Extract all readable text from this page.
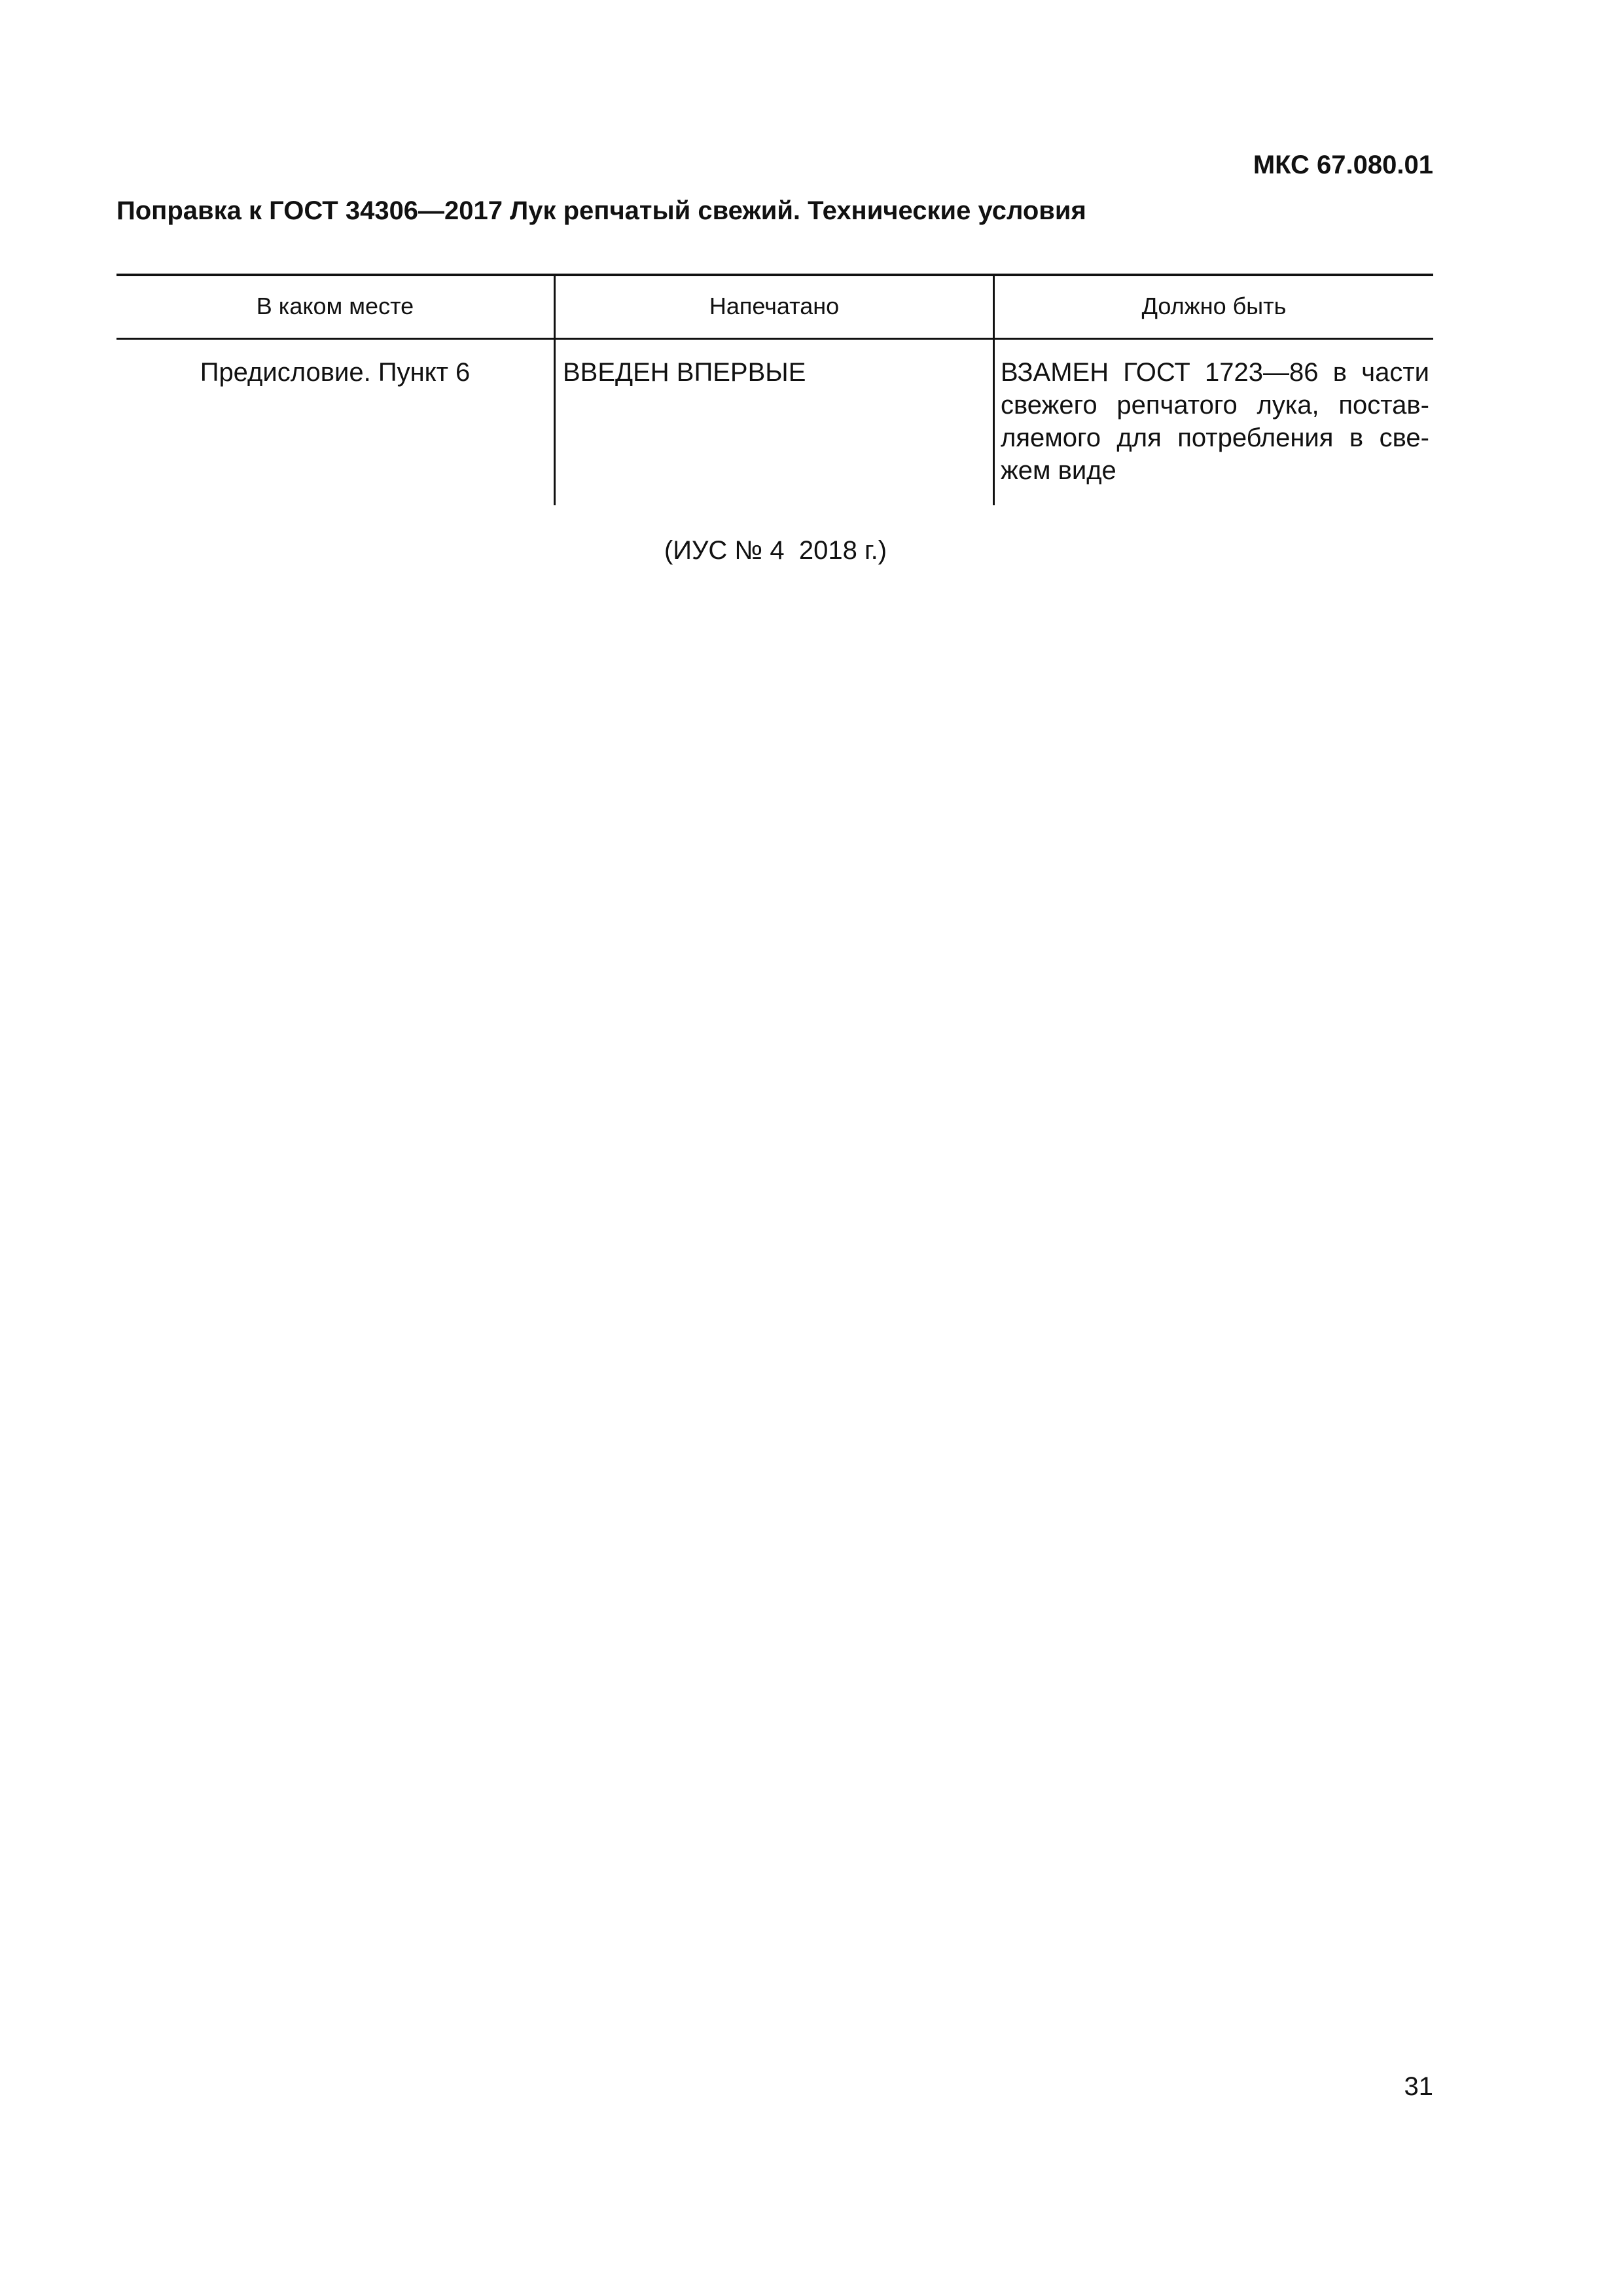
МКС 67.080.01
Поправка к ГОСТ 34306—2017 Лук репчатый свежий. Технические условия
В каком месте	Напечатано	Должно быть
Предисловие. Пункт 6	ВВЕДЕН ВПЕРВЫЕ	ВЗАМЕН ГОСТ 1723—86 в части свежего репчатого лука, поставляемого для потребления в свежем виде
(ИУС № 4  2018 г.)
31
